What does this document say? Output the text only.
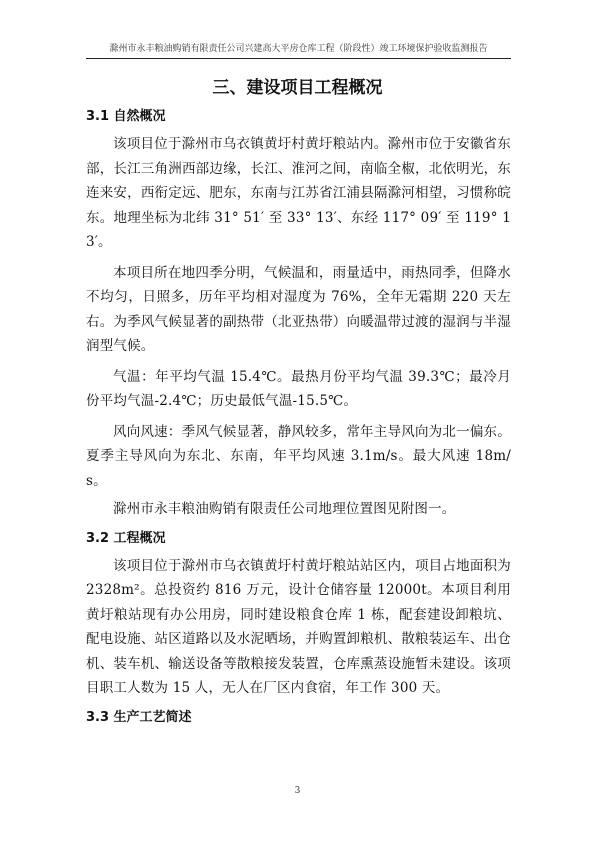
滁州市永丰粮油购销有限责任公司兴建高大平房仓库工程（阶段性）竣工环境保护验收监测报告
三、建设项目工程概况
3.1 自然概况

该项目位于滁州市乌衣镇黄圩村黄圩粮站内。滁州市位于安徽省东部，长江三角洲西部边缘，长江、淮河之间，南临全椒，北依明光，东连来安，西衔定远、肥东，东南与江苏省江浦县隔滁河相望，习惯称皖东。地理坐标为北纬 31° 51′ 至 33° 13′、东经 117° 09′ 至 119° 13′。

本项目所在地四季分明，气候温和，雨量适中，雨热同季，但降水不均匀，日照多，历年平均相对湿度为 76%，全年无霜期 220 天左右。为季风气候显著的副热带（北亚热带）向暖温带过渡的湿润与半湿润型气候。

气温：年平均气温 15.4℃。最热月份平均气温 39.3℃；最冷月份平均气温-2.4℃；历史最低气温-15.5℃。

风向风速：季风气候显著，静风较多，常年主导风向为北一偏东。夏季主导风向为东北、东南，年平均风速 3.1m/s。最大风速 18m/s。

滁州市永丰粮油购销有限责任公司地理位置图见附图一。

3.2 工程概况

该项目位于滁州市乌衣镇黄圩村黄圩粮站站区内，项目占地面积为 2328m²。总投资约 816 万元，设计仓储容量 12000t。本项目利用黄圩粮站现有办公用房，同时建设粮食仓库 1 栋，配套建设卸粮坑、配电设施、站区道路以及水泥晒场，并购置卸粮机、散粮装运车、出仓机、装车机、输送设备等散粮接发装置，仓库熏蒸设施暂未建设。该项目职工人数为 15 人，无人在厂区内食宿，年工作 300 天。

3.3 生产工艺简述
3
